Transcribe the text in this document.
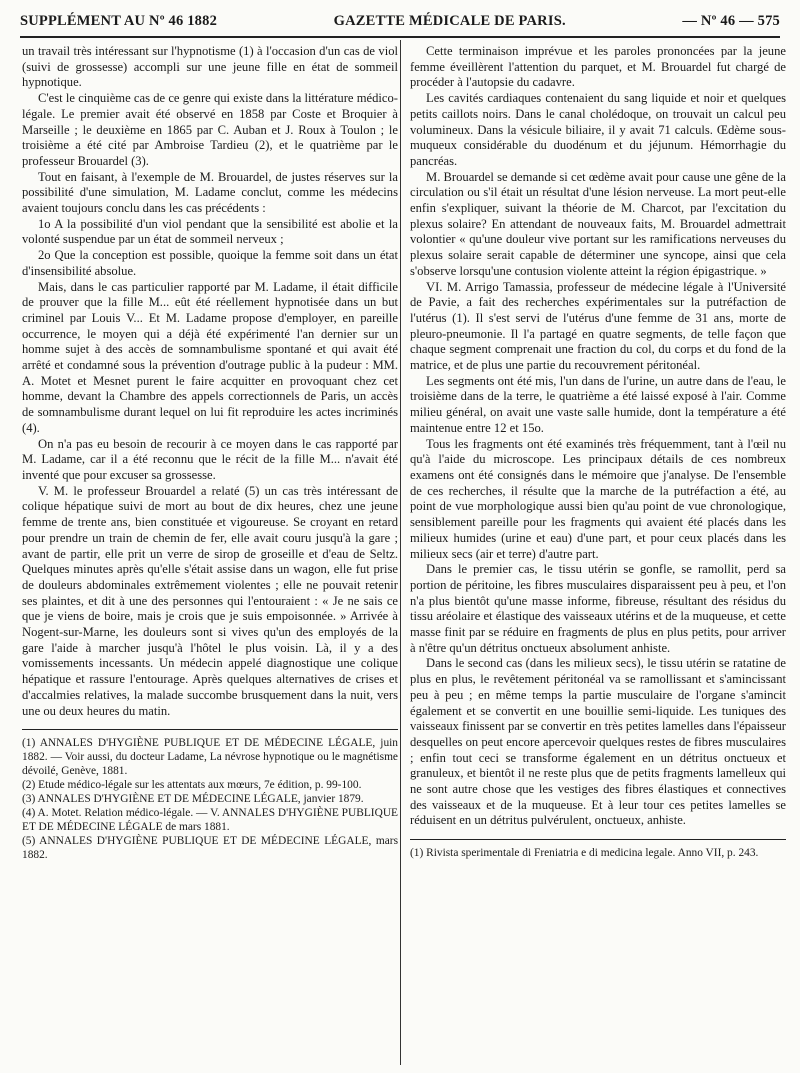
SUPPLÉMENT AU Nº 46 1882	GAZETTE MÉDICALE DE PARIS.	— Nº 46 — 575

un travail très intéressant sur l'hypnotisme (1) à l'occasion d'un cas de viol (suivi de grossesse) accompli sur une jeune fille en état de sommeil hypnotique.

C'est le cinquième cas de ce genre qui existe dans la littérature médico-légale. Le premier avait été observé en 1858 par Coste et Broquier à Marseille ; le deuxième en 1865 par C. Auban et J. Roux à Toulon ; le troisième a été cité par Ambroise Tardieu (2), et le quatrième par le professeur Brouardel (3).

Tout en faisant, à l'exemple de M. Brouardel, de justes réserves sur la possibilité d'une simulation, M. Ladame conclut, comme les médecins avaient toujours conclu dans les cas précédents :

1o A la possibilité d'un viol pendant que la sensibilité est abolie et la volonté suspendue par un état de sommeil nerveux ;

2o Que la conception est possible, quoique la femme soit dans un état d'insensibilité absolue.

Mais, dans le cas particulier rapporté par M. Ladame, il était difficile de prouver que la fille M... eût été réellement hypnotisée dans un but criminel par Louis V... Et M. Ladame propose d'employer, en pareille occurrence, le moyen qui a déjà été expérimenté l'an dernier sur un homme sujet à des accès de somnambulisme spontané et qui avait été arrêté et condamné sous la prévention d'outrage public à la pudeur : MM. A. Motet et Mesnet purent le faire acquitter en provoquant chez cet homme, devant la Chambre des appels correctionnels de Paris, un accès de somnambulisme durant lequel on lui fit reproduire les actes incriminés (4).

On n'a pas eu besoin de recourir à ce moyen dans le cas rapporté par M. Ladame, car il a été reconnu que le récit de la fille M... n'avait été inventé que pour excuser sa grossesse.

V. M. le professeur Brouardel a relaté (5) un cas très intéressant de colique hépatique suivi de mort au bout de dix heures, chez une jeune femme de trente ans, bien constituée et vigoureuse. Se croyant en retard pour prendre un train de chemin de fer, elle avait couru jusqu'à la gare ; avant de partir, elle prit un verre de sirop de groseille et d'eau de Seltz. Quelques minutes après qu'elle s'était assise dans un wagon, elle fut prise de douleurs abdominales extrêmement violentes ; elle ne pouvait retenir ses plaintes, et dit à une des personnes qui l'entouraient : « Je ne sais ce que je viens de boire, mais je crois que je suis empoisonnée. » Arrivée à Nogent-sur-Marne, les douleurs sont si vives qu'un des employés de la gare l'aide à marcher jusqu'à l'hôtel le plus voisin. Là, il y a des vomissements incessants. Un médecin appelé diagnostique une colique hépatique et rassure l'entourage. Après quelques alternatives de crises et d'accalmies relatives, la malade succombe brusquement dans la nuit, vers une ou deux heures du matin.

(1) ANNALES D'HYGIÈNE PUBLIQUE ET DE MÉDECINE LÉGALE, juin 1882. — Voir aussi, du docteur Ladame, La névrose hypnotique ou le magnétisme dévoilé, Genève, 1881.

(2) Etude médico-légale sur les attentats aux mœurs, 7e édition, p. 99-100.

(3) ANNALES D'HYGIÈNE ET DE MÉDECINE LÉGALE, janvier 1879.

(4) A. Motet. Relation médico-légale. — V. ANNALES D'HYGIÈNE PUBLIQUE ET DE MÉDECINE LÉGALE de mars 1881.

(5) ANNALES D'HYGIÈNE PUBLIQUE ET DE MÉDECINE LÉGALE, mars 1882.

Cette terminaison imprévue et les paroles prononcées par la jeune femme éveillèrent l'attention du parquet, et M. Brouardel fut chargé de procéder à l'autopsie du cadavre.

Les cavités cardiaques contenaient du sang liquide et noir et quelques petits caillots noirs. Dans le canal cholédoque, on trouvait un calcul peu volumineux. Dans la vésicule biliaire, il y avait 71 calculs. Œdème sous-muqueux considérable du duodénum et du jéjunum. Hémorrhagie du pancréas.

M. Brouardel se demande si cet œdème avait pour cause une gêne de la circulation ou s'il était un résultat d'une lésion nerveuse. La mort peut-elle enfin s'expliquer, suivant la théorie de M. Charcot, par l'excitation du plexus solaire? En attendant de nouveaux faits, M. Brouardel admettrait volontier « qu'une douleur vive portant sur les ramifications nerveuses du plexus solaire serait capable de déterminer une syncope, ainsi que cela s'observe lorsqu'une contusion violente atteint la région épigastrique. »

VI. M. Arrigo Tamassia, professeur de médecine légale à l'Université de Pavie, a fait des recherches expérimentales sur la putréfaction de l'utérus (1). Il s'est servi de l'utérus d'une femme de 31 ans, morte de pleuro-pneumonie. Il l'a partagé en quatre segments, de telle façon que chaque segment comprenait une fraction du col, du corps et du fond de la matrice, et de plus une partie du recouvrement péritonéal.

Les segments ont été mis, l'un dans de l'urine, un autre dans de l'eau, le troisième dans de la terre, le quatrième a été laissé exposé à l'air. Comme milieu général, on avait une vaste salle humide, dont la température a été maintenue entre 12 et 15o.

Tous les fragments ont été examinés très fréquemment, tant à l'œil nu qu'à l'aide du microscope. Les principaux détails de ces nombreux examens ont été consignés dans le mémoire que j'analyse. De l'ensemble de ces recherches, il résulte que la marche de la putréfaction a été, au point de vue morphologique aussi bien qu'au point de vue chronologique, sensiblement pareille pour les fragments qui avaient été placés dans les milieux humides (urine et eau) d'une part, et pour ceux placés dans les milieux secs (air et terre) d'autre part.

Dans le premier cas, le tissu utérin se gonfle, se ramollit, perd sa portion de péritoine, les fibres musculaires disparaissent peu à peu, et l'on n'a plus bientôt qu'une masse informe, fibreuse, résultant des résidus du tissu aréolaire et élastique des vaisseaux utérins et de la muqueuse, et cette masse finit par se réduire en fragments de plus en plus petits, pour arriver à n'être qu'un détritus onctueux absolument anhiste.

Dans le second cas (dans les milieux secs), le tissu utérin se ratatine de plus en plus, le revêtement péritonéal va se ramollissant et s'amincissant peu à peu ; en même temps la partie musculaire de l'organe s'amincit également et se convertit en une bouillie semi-liquide. Les tuniques des vaisseaux finissent par se convertir en très petites lamelles dans l'épaisseur desquelles on peut encore apercevoir quelques restes de fibres musculaires ; enfin tout ceci se transforme également en un détritus onctueux et granuleux, et bientôt il ne reste plus que de petits fragments lamelleux qui ne sont autre chose que les vestiges des fibres élastiques et connectives des vaisseaux et de la muqueuse. Et à leur tour ces petites lamelles se réduisent en un détritus pulvérulent, onctueux, anhiste.

(1) Rivista sperimentale di Freniatria e di medicina legale. Anno VII, p. 243.
